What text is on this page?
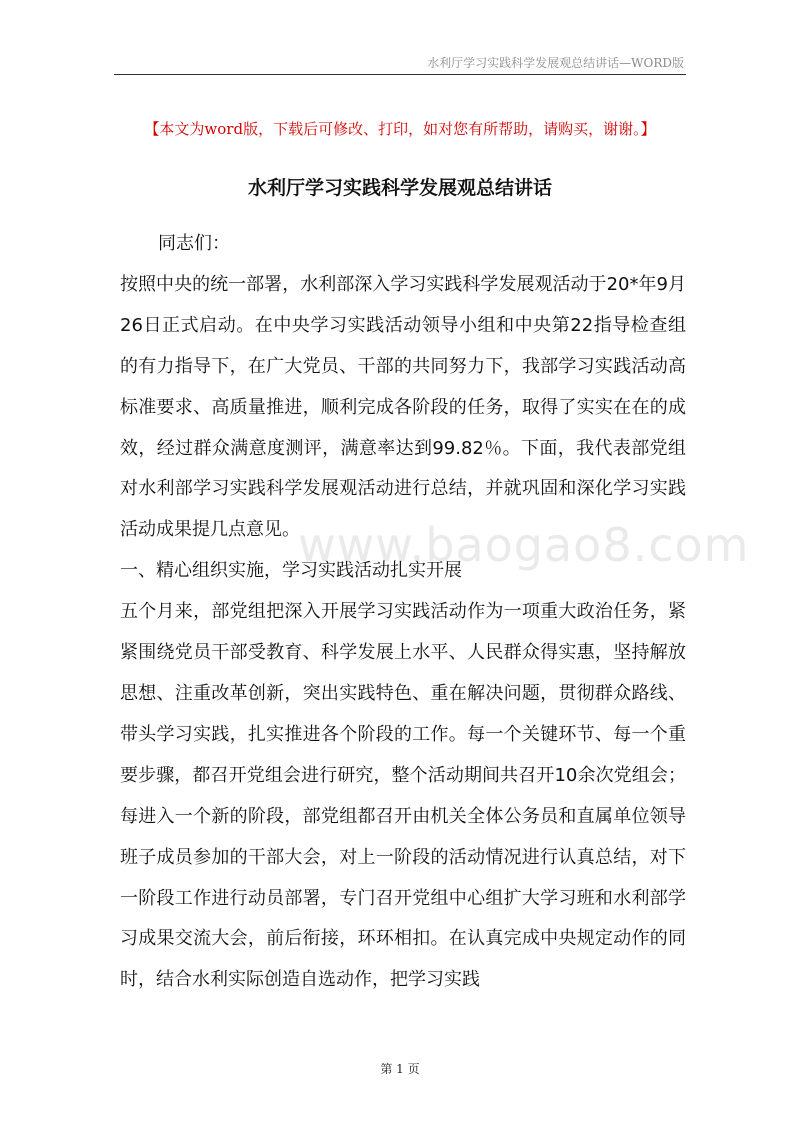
水利厅学习实践科学发展观总结讲话—WORD版
【本文为word版，下载后可修改、打印，如对您有所帮助，请购买，谢谢。】
水利厅学习实践科学发展观总结讲话

同志们：

按照中央的统一部署，水利部深入学习实践科学发展观活动于20*年9月26日正式启动。在中央学习实践活动领导小组和中央第22指导检查组的有力指导下，在广大党员、干部的共同努力下，我部学习实践活动高标准要求、高质量推进，顺利完成各阶段的任务，取得了实实在在的成效，经过群众满意度测评，满意率达到99.82％。下面，我代表部党组对水利部学习实践科学发展观活动进行总结，并就巩固和深化学习实践活动成果提几点意见。

一、精心组织实施，学习实践活动扎实开展

五个月来，部党组把深入开展学习实践活动作为一项重大政治任务，紧紧围绕党员干部受教育、科学发展上水平、人民群众得实惠，坚持解放思想、注重改革创新，突出实践特色、重在解决问题，贯彻群众路线、带头学习实践，扎实推进各个阶段的工作。每一个关键环节、每一个重要步骤，都召开党组会进行研究，整个活动期间共召开10余次党组会；每进入一个新的阶段，部党组都召开由机关全体公务员和直属单位领导班子成员参加的干部大会，对上一阶段的活动情况进行认真总结，对下一阶段工作进行动员部署，专门召开党组中心组扩大学习班和水利部学习成果交流大会，前后衔接，环环相扣。在认真完成中央规定动作的同时，结合水利实际创造自选动作，把学习实践

www.baogao8.com
第 1 页
